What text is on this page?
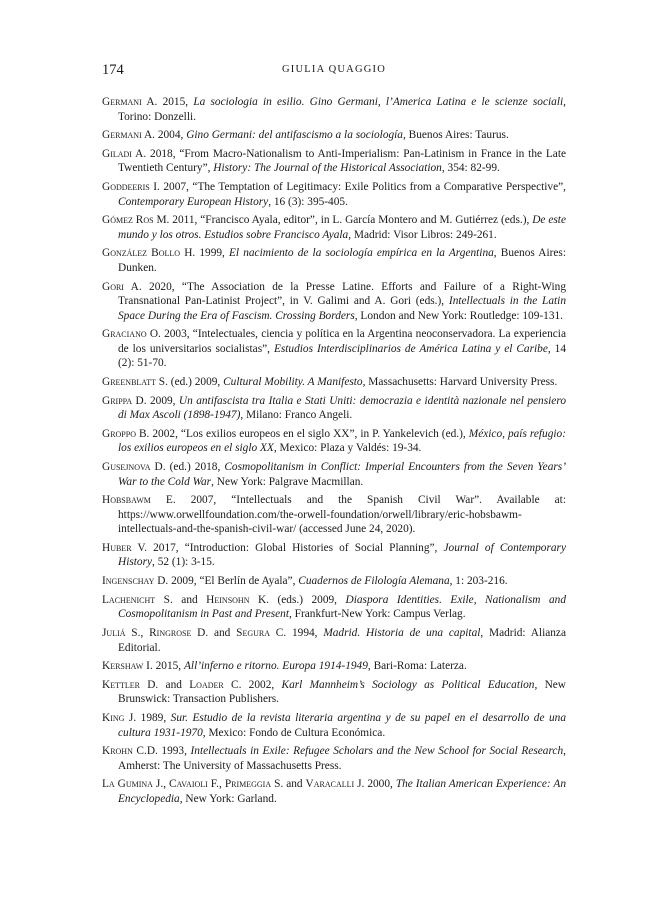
174	GIULIA QUAGGIO

Germani A. 2015, La sociologia in esilio. Gino Germani, l’America Latina e le scienze sociali, Torino: Donzelli.

Germani A. 2004, Gino Germani: del antifascismo a la sociología, Buenos Aires: Taurus.

Giladi A. 2018, “From Macro-Nationalism to Anti-Imperialism: Pan-Latinism in France in the Late Twentieth Century”, History: The Journal of the Historical Association, 354: 82-99.

Goddeeris I. 2007, “The Temptation of Legitimacy: Exile Politics from a Comparative Perspective”, Contemporary European History, 16 (3): 395-405.

Gómez Ros M. 2011, “Francisco Ayala, editor”, in L. García Montero and M. Gutiérrez (eds.), De este mundo y los otros. Estudios sobre Francisco Ayala, Madrid: Visor Libros: 249-261.

González Bollo H. 1999, El nacimiento de la sociología empírica en la Argentina, Buenos Aires: Dunken.

Gori A. 2020, “The Association de la Presse Latine. Efforts and Failure of a Right-Wing Transnational Pan-Latinist Project”, in V. Galimi and A. Gori (eds.), Intellectuals in the Latin Space During the Era of Fascism. Crossing Borders, London and New York: Routledge: 109-131.

Graciano O. 2003, “Intelectuales, ciencia y política en la Argentina neoconservadora. La experiencia de los universitarios socialistas”, Estudios Interdisciplinarios de América Latina y el Caribe, 14 (2): 51-70.

Greenblatt S. (ed.) 2009, Cultural Mobility. A Manifesto, Massachusetts: Harvard University Press.

Grippa D. 2009, Un antifascista tra Italia e Stati Uniti: democrazia e identità nazionale nel pensiero di Max Ascoli (1898-1947), Milano: Franco Angeli.

Groppo B. 2002, “Los exilios europeos en el siglo XX”, in P. Yankelevich (ed.), México, país refugio: los exilios europeos en el siglo XX, Mexico: Plaza y Valdés: 19-34.

Gusejnova D. (ed.) 2018, Cosmopolitanism in Conflict: Imperial Encounters from the Seven Years’ War to the Cold War, New York: Palgrave Macmillan.

Hobsbawm E. 2007, “Intellectuals and the Spanish Civil War”. Available at: https://www.orwellfoundation.com/the-orwell-foundation/orwell/library/eric-hobsbawm-intellectuals-and-the-spanish-civil-war/ (accessed June 24, 2020).

Huber V. 2017, “Introduction: Global Histories of Social Planning”, Journal of Contemporary History, 52 (1): 3-15.

Ingenschay D. 2009, “El Berlín de Ayala”, Cuadernos de Filología Alemana, 1: 203-216.

Lachenicht S. and Heinsohn K. (eds.) 2009, Diaspora Identities. Exile, Nationalism and Cosmopolitanism in Past and Present, Frankfurt-New York: Campus Verlag.

Juliá S., Ringrose D. and Segura C. 1994, Madrid. Historia de una capital, Madrid: Alianza Editorial.

Kershaw I. 2015, All’inferno e ritorno. Europa 1914-1949, Bari-Roma: Laterza.

Kettler D. and Loader C. 2002, Karl Mannheim’s Sociology as Political Education, New Brunswick: Transaction Publishers.

King J. 1989, Sur. Estudio de la revista literaria argentina y de su papel en el desarrollo de una cultura 1931-1970, Mexico: Fondo de Cultura Económica.

Krohn C.D. 1993, Intellectuals in Exile: Refugee Scholars and the New School for Social Research, Amherst: The University of Massachusetts Press.

La Gumina J., Cavaioli F., Primeggia S. and Varacalli J. 2000, The Italian American Experience: An Encyclopedia, New York: Garland.
